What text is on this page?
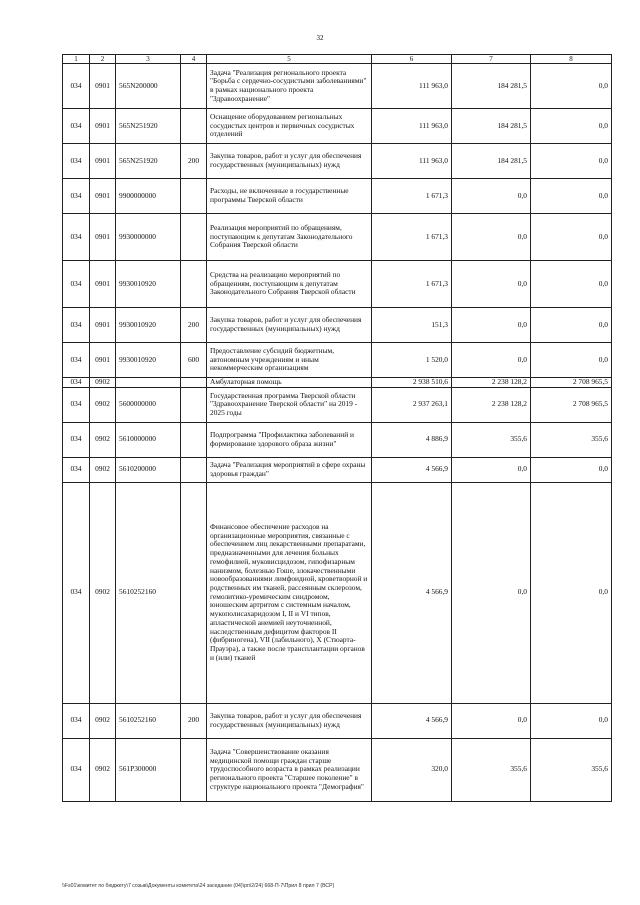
32
1	2	3	4	5	6	7	8
034	0901	565N200000		Задача "Реализация регионального проекта "Борьба с сердечно-сосудистыми заболеваниями" в рамках национального проекта "Здравоохранение"	111 963,0	184 281,5	0,0
034	0901	565N251920		Оснащение оборудованием региональных сосудистых центров и первичных сосудистых отделений	111 963,0	184 281,5	0,0
034	0901	565N251920	200	Закупка товаров, работ и услуг для обеспечения государственных (муниципальных) нужд	111 963,0	184 281,5	0,0
034	0901	9900000000		Расходы, не включенные в государственные программы Тверской области	1 671,3	0,0	0,0
034	0901	9930000000		Реализация мероприятий по обращениям, поступающим к депутатам Законодательного Собрания Тверской области	1 671,3	0,0	0,0
034	0901	9930010920		Средства на реализацию мероприятий по обращениям, поступающим к депутатам Законодательного Собрания Тверской области	1 671,3	0,0	0,0
034	0901	9930010920	200	Закупка товаров, работ и услуг для обеспечения государственных (муниципальных) нужд	151,3	0,0	0,0
034	0901	9930010920	600	Предоставление субсидий бюджетным, автономным учреждениям и иным некоммерческим организациям	1 520,0	0,0	0,0
034	0902			Амбулаторная помощь	2 938 510,6	2 238 128,2	2 708 965,5
034	0902	5600000000		Государственная программа Тверской области "Здравоохранение Тверской области" на 2019 - 2025 годы	2 937 263,1	2 238 128,2	2 708 965,5
034	0902	5610000000		Подпрограмма "Профилактика заболеваний и формирование здорового образа жизни"	4 886,9	355,6	355,6
034	0902	5610200000		Задача "Реализация мероприятий в сфере охраны здоровья граждан"	4 566,9	0,0	0,0
034	0902	5610252160		Финансовое обеспечение расходов на организационные мероприятия, связанные с обеспечением лиц лекарственными препаратами, предназначенными для лечения больных гемофилией, муковисцидозом, гипофизарным нанизмом, болезнью Гоше, злокачественными новообразованиями лимфоидной, кроветворной и родственных им тканей, рассеянным склерозом, гемолитико-уремическим синдромом, юношеским артритом с системным началом, мукополисахаридозом I, II и VI типов, апластической анемией неуточненной, наследственным дефицитом факторов II (фибриногена), VII (лабильного), X (Стюарта-Прауэра), а также после трансплантации органов и (или) тканей	4 566,9	0,0	0,0
034	0902	5610252160	200	Закупка товаров, работ и услуг для обеспечения государственных (муниципальных) нужд	4 566,9	0,0	0,0
034	0902	561P300000		Задача "Совершенствование оказания медицинской помощи граждан старше трудоспособного возраста в рамках реализации регионального проекта "Старшее поколение" в структуре национального проекта "Демография"	320,0	355,6	355,6
\\Fs01\комитет по бюджету\7 созыв\Документы комитета\24 заседание (04)\рп\2/24) 668-П-7\Прил 8 прил 7 (ВСР)
